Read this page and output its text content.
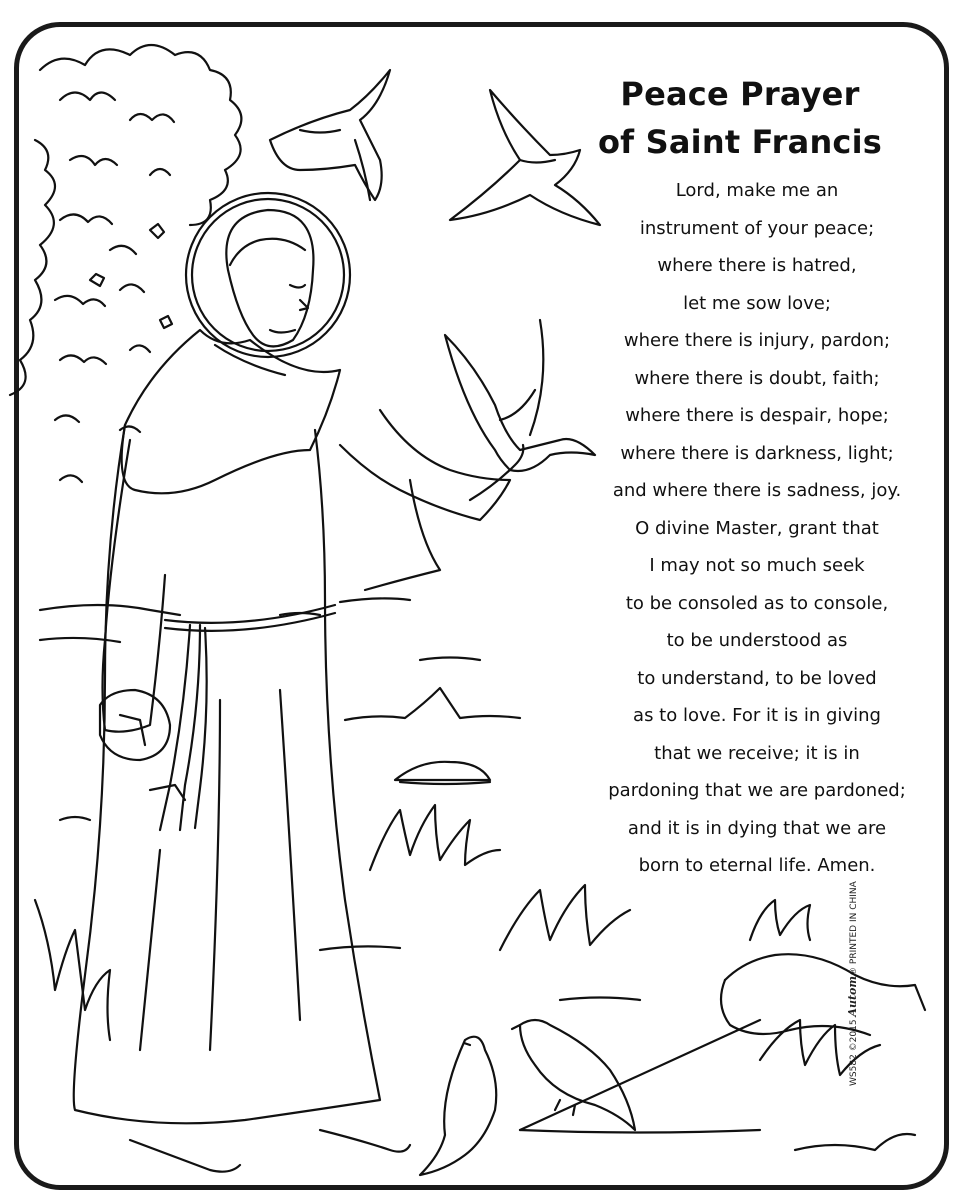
Peace Prayer
of Saint Francis
Lord, make me an
instrument of your peace;
where there is hatred,
let me sow love;
where there is injury, pardon;
where there is doubt, faith;
where there is despair, hope;
where there is darkness, light;
and where there is sadness, joy.
O divine Master, grant that
I may not so much seek
to be consoled as to console,
to be understood as
to understand, to be loved
as to love. For it is in giving
that we receive; it is in
pardoning that we are pardoned;
and it is in dying that we are
born to eternal life. Amen.
WS582 ©2015 Autom® PRINTED IN CHINA
